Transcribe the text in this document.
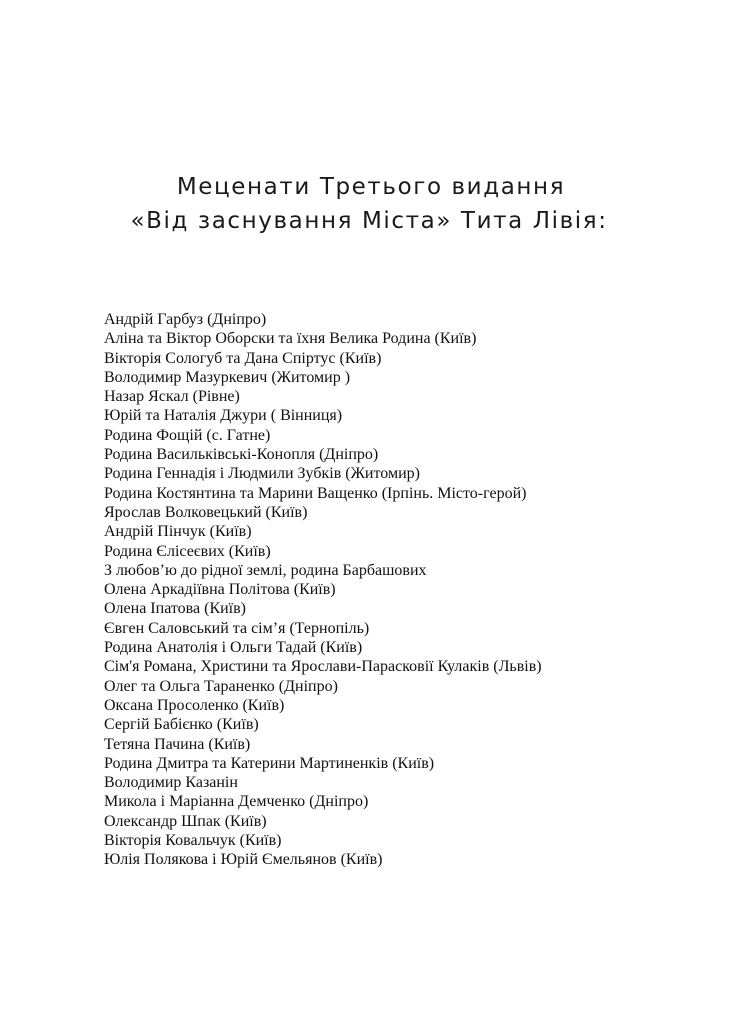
Меценати Третього видання
«Від заснування Міста» Тита Лівія:
Андрій Гарбуз (Дніпро)
Аліна та Віктор Оборски та їхня Велика Родина (Київ)
Вікторія Сологуб та Дана Спіртус (Київ)
Володимир Мазуркевич (Житомир )
Назар Яскал (Рівне)
Юрій та Наталія Джури ( Вінниця)
Родина Фощій (с. Гатне)
Родина Васильківські-Конопля (Дніпро)
Родина Геннадія і Людмили Зубків (Житомир)
Родина Костянтина та Марини Ващенко (Ірпінь. Місто-герой)
Ярослав Волковецький (Київ)
Андрій Пінчук (Київ)
Родина Єлісеєвих (Київ)
З любов’ю до рідної землі, родина Барбашових
Олена Аркадіївна Політова (Київ)
Олена Іпатова (Київ)
Євген Саловський та сім’я (Тернопіль)
Родина Анатолія і Ольги Тадай (Київ)
Сім'я Романа, Христини та Ярослави-Парасковії Кулаків (Львів)
Олег та Ольга Тараненко (Дніпро)
Оксана Просоленко (Київ)
Сергій Бабієнко (Київ)
Тетяна Пачина (Київ)
Родина Дмитра та Катерини Мартиненків (Київ)
Володимир Казанін
Микола і Маріанна Демченко (Дніпро)
Олександр Шпак (Київ)
Вікторія Ковальчук (Київ)
Юлія Полякова і Юрій Ємельянов (Київ)
